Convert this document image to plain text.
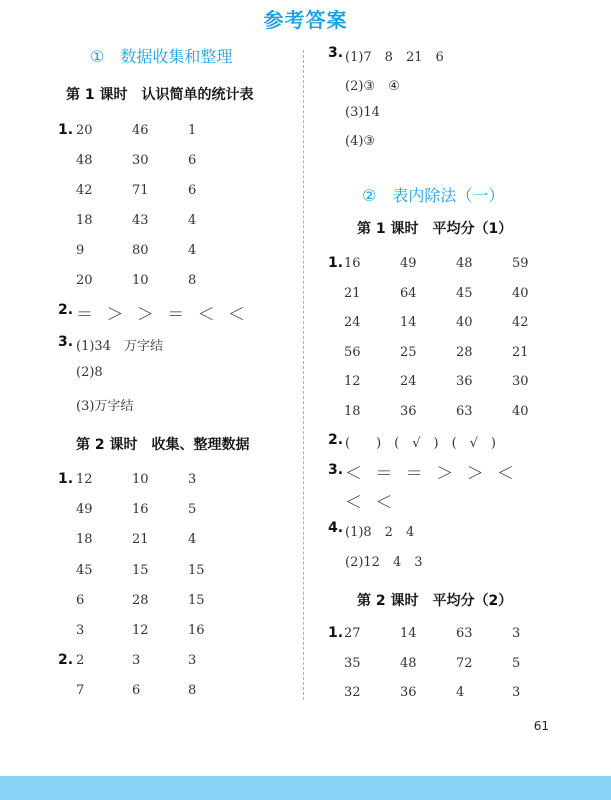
参考答案
①　数据收集和整理
第 1 课时　认识简单的统计表
1. 20	46	1
48	30	6
42	71	6
18	43	4
9	80	4
20	10	8
2. ＝ ＞ ＞ ＝ ＜ ＜
3. (1)34　万字结
(2)8
(3)万字结
第 2 课时　收集、整理数据
1. 12	10	3
49	16	5
18	21	4
45	15	15
6	28	15
3	12	16
2. 2	3	3
7	6	8
3. (1)7　8　21　6
(2)③　④
(3)14
(4)③
②　表内除法（一）
第 1 课时　平均分（1）
1. 16	49	48	59
21	64	45	40
24	14	40	42
56	25	28	21
12	24	36	30
18	36	63	40
2. (　　)　(　√　)　(　√　)
3. ＜ ＝ ＝ ＞ ＞ ＜
＜ ＜
4. (1)8　2　4
(2)12　4　3
第 2 课时　平均分（2）
1. 27	14	63	3
35	48	72	5
32	36	4	3
61
